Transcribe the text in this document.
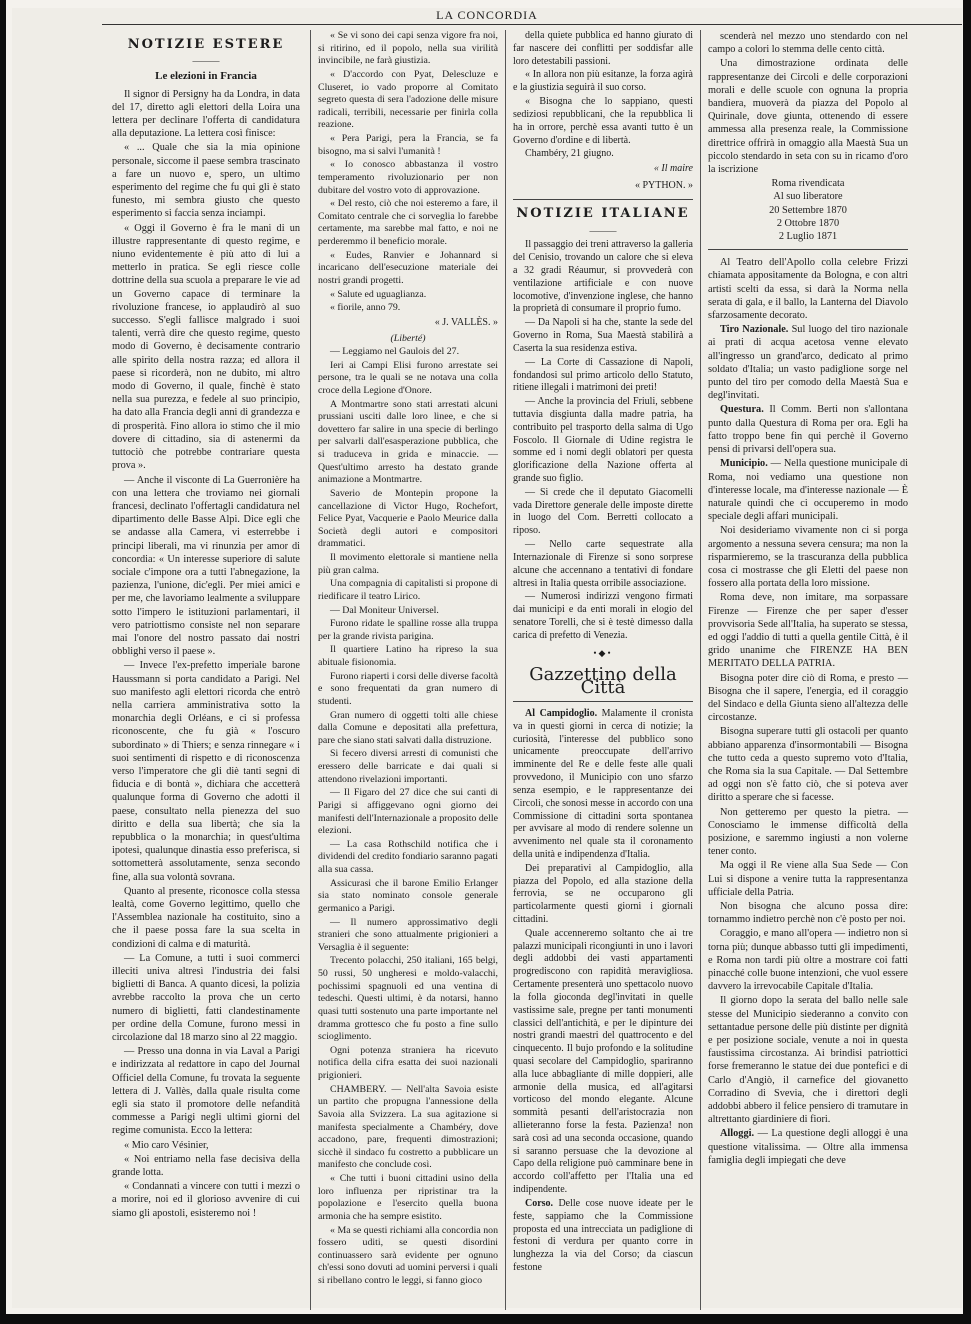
LA CONCORDIA
NOTIZIE ESTERE
———
Le elezioni in Francia

Il signor di Persigny ha da Londra, in data del 17, diretto agli elettori della Loira una lettera per declinare l'offerta di candidatura alla deputazione. La lettera così finisce:

« ... Quale che sia la mia opinione personale, siccome il paese sembra trascinato a fare un nuovo e, spero, un ultimo esperimento del regime che fu qui gli è stato funesto, mi sembra giusto che questo esperimento si faccia senza inciampi.

« Oggi il Governo è fra le mani di un illustre rappresentante di questo regime, e niuno evidentemente è più atto di lui a metterlo in pratica. Se egli riesce colle dottrine della sua scuola a preparare le vie ad un Governo capace di terminare la rivoluzione francese, io applaudirò al suo successo. S'egli fallisce malgrado i suoi talenti, verrà dire che questo regime, questo modo di Governo, è decisamente contrario alle spirito della nostra razza; ed allora il paese si ricorderà, non ne dubito, mi altro modo di Governo, il quale, finchè è stato nella sua purezza, e fedele al suo principio, ha dato alla Francia degli anni di grandezza e di prosperità. Fino allora io stimo che il mio dovere di cittadino, sia di astenermi da tuttociò che potrebbe contrariare questa prova ».

— Anche il visconte di La Guerronière ha con una lettera che troviamo nei giornali francesi, declinato l'offertagli candidatura nel dipartimento delle Basse Alpi. Dice egli che se andasse alla Camera, vi esterrebbe i principi liberali, ma vi rinunzia per amor di concordia: « Un interesse superiore di salute sociale c'impone ora a tutti l'abnegazione, la pazienza, l'unione, dic'egli. Per miei amici e per me, che lavoriamo lealmente a sviluppare sotto l'impero le istituzioni parlamentari, il vero patriottismo consiste nel non separare mai l'onore del nostro passato dai nostri obblighi verso il paese ».

— Invece l'ex-prefetto imperiale barone Haussmann si porta candidato a Parigi. Nel suo manifesto agli elettori ricorda che entrò nella carriera amministrativa sotto la monarchia degli Orléans, e ci si professa riconoscente, che fu già « l'oscuro subordinato » di Thiers; e senza rinnegare « i suoi sentimenti di rispetto e di riconoscenza verso l'imperatore che gli diè tanti segni di fiducia e di bontà », dichiara che accetterà qualunque forma di Governo che adotti il paese, consultato nella pienezza del suo diritto e della sua libertà; che sia la repubblica o la monarchia; in quest'ultima ipotesi, qualunque dinastia esso preferisca, si sottometterà assolutamente, senza secondo fine, alla sua volontà sovrana.

Quanto al presente, riconosce colla stessa lealtà, come Governo legittimo, quello che l'Assemblea nazionale ha costituito, sino a che il paese possa fare la sua scelta in condizioni di calma e di maturità.

— La Comune, a tutti i suoi commerci illeciti univa altresì l'industria dei falsi biglietti di Banca. A quanto dicesi, la polizia avrebbe raccolto la prova che un certo numero di biglietti, fatti clandestinamente per ordine della Comune, furono messi in circolazione dal 18 marzo sino al 22 maggio.

— Presso una donna in via Laval a Parigi e indirizzata al redattore in capo del Journal Officiel della Comune, fu trovata la seguente lettera di J. Vallès, dalla quale risulta come egli sia stato il promotore delle nefandità commesse a Parigi negli ultimi giorni del regime comunista. Ecco la lettera:

« Mio caro Vésinier,

« Noi entriamo nella fase decisiva della grande lotta.

« Condannati a vincere con tutti i mezzi o a morire, noi ed il glorioso avvenire di cui siamo gli apostoli, esisteremo noi !

« Se vi sono dei capi senza vigore fra noi, si ritirino, ed il popolo, nella sua virilità invincibile, ne farà giustizia.

« D'accordo con Pyat, Delescluze e Cluseret, io vado proporre al Comitato segreto questa di sera l'adozione delle misure radicali, terribili, necessarie per finirla colla reazione.

« Pera Parigi, pera la Francia, se fa bisogno, ma si salvi l'umanità !

« Io conosco abbastanza il vostro temperamento rivoluzionario per non dubitare del vostro voto di approvazione.

« Del resto, ciò che noi esteremo a fare, il Comitato centrale che ci sorveglia lo farebbe certamente, ma sarebbe mal fatto, e noi ne perderemmo il beneficio morale.

« Eudes, Ranvier e Johannard si incaricano dell'esecuzione materiale dei nostri grandi progetti.

« Salute ed uguaglianza.

« fiorile, anno 79.

« J. VALLÈS. »
(Liberté)

— Leggiamo nel Gaulois del 27.

Ieri ai Campi Elisi furono arrestate sei persone, tra le quali se ne notava una colla croce della Legione d'Onore.

A Montmartre sono stati arrestati alcuni prussiani usciti dalle loro linee, e che si dovettero far salire in una specie di berlingo per salvarli dall'esasperazione pubblica, che si traduceva in grida e minaccie. — Quest'ultimo arresto ha destato grande animazione a Montmartre.

Saverio de Montepin propone la cancellazione di Victor Hugo, Rochefort, Felice Pyat, Vacquerie e Paolo Meurice dalla Società degli autori e compositori drammatici.

Il movimento elettorale si mantiene nella più gran calma.

Una compagnia di capitalisti si propone di riedificare il teatro Lirico.

— Dal Moniteur Universel.

Furono ridate le spalline rosse alla truppa per la grande rivista parigina.

Il quartiere Latino ha ripreso la sua abituale fisionomia.

Furono riaperti i corsi delle diverse facoltà e sono frequentati da gran numero di studenti.

Gran numero di oggetti tolti alle chiese dalla Comune e depositati alla prefettura, pare che siano stati salvati dalla distruzione.

Si fecero diversi arresti di comunisti che eressero delle barricate e dai quali si attendono rivelazioni importanti.

— Il Figaro del 27 dice che sui canti di Parigi si affiggevano ogni giorno dei manifesti dell'Internazionale a proposito delle elezioni.

— La casa Rothschild notifica che i dividendi del credito fondiario saranno pagati alla sua cassa.

Assicurasi che il barone Emilio Erlanger sia stato nominato console generale germanico a Parigi.

— Il numero approssimativo degli stranieri che sono attualmente prigionieri a Versaglia è il seguente:

Trecento polacchi, 250 italiani, 165 belgi, 50 russi, 50 ungheresi e moldo-valacchi, pochissimi spagnuoli ed una ventina di tedeschi. Questi ultimi, è da notarsi, hanno quasi tutti sostenuto una parte importante nel dramma grottesco che fu posto a fine sullo scioglimento.

Ogni potenza straniera ha ricevuto notifica della cifra esatta dei suoi nazionali prigionieri.

CHAMBERY. — Nell'alta Savoia esiste un partito che propugna l'annessione della Savoia alla Svizzera. La sua agitazione si manifesta specialmente a Chambéry, dove accadono, pare, frequenti dimostrazioni; sicchè il sindaco fu costretto a pubblicare un manifesto che conclude così.

« Che tutti i buoni cittadini usino della loro influenza per ripristinar tra la popolazione e l'esercito quella buona armonia che ha sempre esistito.

« Ma se questi richiami alla concordia non fossero uditi, se questi disordini continuassero sarà evidente per ognuno ch'essi sono dovuti ad uomini perversi i quali si ribellano contro le leggi, si fanno gioco

della quiete pubblica ed hanno giurato di far nascere dei conflitti per soddisfar alle loro detestabili passioni.

« In allora non più esitanze, la forza agirà e la giustizia seguirà il suo corso.

« Bisogna che lo sappiano, questi sediziosi repubblicani, che la repubblica li ha in orrore, perchè essa avanti tutto è un Governo d'ordine e di libertà.

Chambéry, 21 giugno.

« Il maire
« PYTHON. »
NOTIZIE ITALIANE
———

Il passaggio dei treni attraverso la galleria del Cenisio, trovando un calore che si eleva a 32 gradi Réaumur, si provvederà con ventilazione artificiale e con nuove locomotive, d'invenzione inglese, che hanno la proprietà di consumare il proprio fumo.

— Da Napoli si ha che, stante la sede del Governo in Roma, Sua Maestà stabilirà a Caserta la sua residenza estiva.

— La Corte di Cassazione di Napoli, fondandosi sul primo articolo dello Statuto, ritiene illegali i matrimoni dei preti!

— Anche la provincia del Friuli, sebbene tuttavia disgiunta dalla madre patria, ha contribuito pel trasporto della salma di Ugo Foscolo. Il Giornale di Udine registra le somme ed i nomi degli oblatori per questa glorificazione della Nazione offerta al grande suo figlio.

— Si crede che il deputato Giacomelli vada Direttore generale delle imposte dirette in luogo del Com. Berretti collocato a riposo.

— Nello carte sequestrate alla Internazionale di Firenze si sono sorprese alcune che accennano a tentativi di fondare altresì in Italia questa orribile associazione.

— Numerosi indirizzi vengono firmati dai municipi e da enti morali in elogio del senatore Torelli, che si è testè dimesso dalla carica di prefetto di Venezia.

•◆•
Gazzettino della Città

Al Campidoglio. Malamente il cronista va in questi giorni in cerca di notizie; la curiosità, l'interesse del pubblico sono unicamente preoccupate dell'arrivo imminente del Re e delle feste alle quali provvedono, il Municipio con uno sfarzo senza esempio, e le rappresentanze dei Circoli, che sonosi messe in accordo con una Commissione di cittadini sorta spontanea per avvisare al modo di rendere solenne un avvenimento nel quale sta il coronamento della unità e indipendenza d'Italia.

Dei preparativi al Campidoglio, alla piazza del Popolo, ed alla stazione della ferrovia, se ne occuparono gli particolarmente questi giorni i giornali cittadini.

Quale accenneremo soltanto che ai tre palazzi municipali ricongiunti in uno i lavori degli addobbi dei vasti appartamenti progrediscono con rapidità meravigliosa. Certamente presenterà uno spettacolo nuovo la folla gioconda degl'invitati in quelle vastissime sale, pregne per tanti monumenti classici dell'antichità, e per le dipinture dei nostri grandi maestri del quattrocento e del cinquecento. Il bujo profondo e la solitudine quasi secolare del Campidoglio, spariranno alla luce abbagliante di mille doppieri, alle armonie della musica, ed all'agitarsi vorticoso del mondo elegante. Alcune sommità pesanti dell'aristocrazia non allieteranno forse la festa. Pazienza! non sarà così ad una seconda occasione, quando si saranno persuase che la devozione al Capo della religione può camminare bene in accordo coll'affetto per l'Italia una ed indipendente.

Corso. Delle cose nuove ideate per le feste, sappiamo che la Commissione proposta ed una intrecciata un padiglione di festoni di verdura per quanto corre in lunghezza la via del Corso; da ciascun festone

scenderà nel mezzo uno stendardo con nel campo a colori lo stemma delle cento città.

Una dimostrazione ordinata delle rappresentanze dei Circoli e delle corporazioni morali e delle scuole con ognuna la propria bandiera, muoverà da piazza del Popolo al Quirinale, dove giunta, ottenendo di essere ammessa alla presenza reale, la Commissione direttrice offrirà in omaggio alla Maestà Sua un piccolo stendardo in seta con su in ricamo d'oro la iscrizione

Roma rivendicata
Al suo liberatore
20 Settembre 1870
2 Ottobre 1870
2 Luglio 1871

Al Teatro dell'Apollo colla celebre Frizzi chiamata appositamente da Bologna, e con altri artisti scelti da essa, si darà la Norma nella serata di gala, e il ballo, la Lanterna del Diavolo sfarzosamente decorato.

Tiro Nazionale. Sul luogo del tiro nazionale ai prati di acqua acetosa venne elevato all'ingresso un grand'arco, dedicato al primo soldato d'Italia; un vasto padiglione sorge nel punto del tiro per comodo della Maestà Sua e degl'invitati.

Questura. Il Comm. Berti non s'allontana punto dalla Questura di Roma per ora. Egli ha fatto troppo bene fin qui perchè il Governo pensi di privarsi dell'opera sua.

Municipio. — Nella questione municipale di Roma, noi vediamo una questione non d'interesse locale, ma d'interesse nazionale — È naturale quindi che ci occuperemo in modo speciale degli affari municipali.

Noi desideriamo vivamente non ci si porga argomento a nessuna severa censura; ma non la risparmieremo, se la trascuranza della pubblica cosa ci mostrasse che gli Eletti del paese non fossero alla portata della loro missione.

Roma deve, non imitare, ma sorpassare Firenze — Firenze che per saper d'esser provvisoria Sede all'Italia, ha superato se stessa, ed oggi l'addio di tutti a quella gentile Città, è il grido unanime che FIRENZE HA BEN MERITATO DELLA PATRIA.

Bisogna poter dire ciò di Roma, e presto — Bisogna che il sapere, l'energia, ed il coraggio del Sindaco e della Giunta sieno all'altezza delle circostanze.

Bisogna superare tutti gli ostacoli per quanto abbiano apparenza d'insormontabili — Bisogna che tutto ceda a questo supremo voto d'Italia, che Roma sia la sua Capitale. — Dal Settembre ad oggi non s'è fatto ciò, che si poteva aver diritto a sperare che si facesse.

Non getteremo per questo la pietra. — Conosciamo le immense difficoltà della posizione, e saremmo ingiusti a non volerne tener conto.

Ma oggi il Re viene alla Sua Sede — Con Lui si dispone a venire tutta la rappresentanza ufficiale della Patria.

Non bisogna che alcuno possa dire: tornammo indietro perchè non c'è posto per noi.

Coraggio, e mano all'opera — indietro non si torna più; dunque abbasso tutti gli impedimenti, e Roma non tardi più oltre a mostrare coi fatti pinacché colle buone intenzioni, che vuol essere davvero la irrevocabile Capitale d'Italia.

Il giorno dopo la serata del ballo nelle sale stesse del Municipio siederanno a convito con settantadue persone delle più distinte per dignità e per posizione sociale, venute a noi in questa faustissima circostanza. Ai brindisi patriottici forse fremeranno le statue dei due pontefici e di Carlo d'Angiò, il carnefice del giovanetto Corradino di Svevia, che i direttori degli addobbi abbero il felice pensiero di tramutare in altrettanto giardiniere di fiori.

Alloggi. — La questione degli alloggi è una questione vitalissima. — Oltre alla immensa famiglia degli impiegati che deve
